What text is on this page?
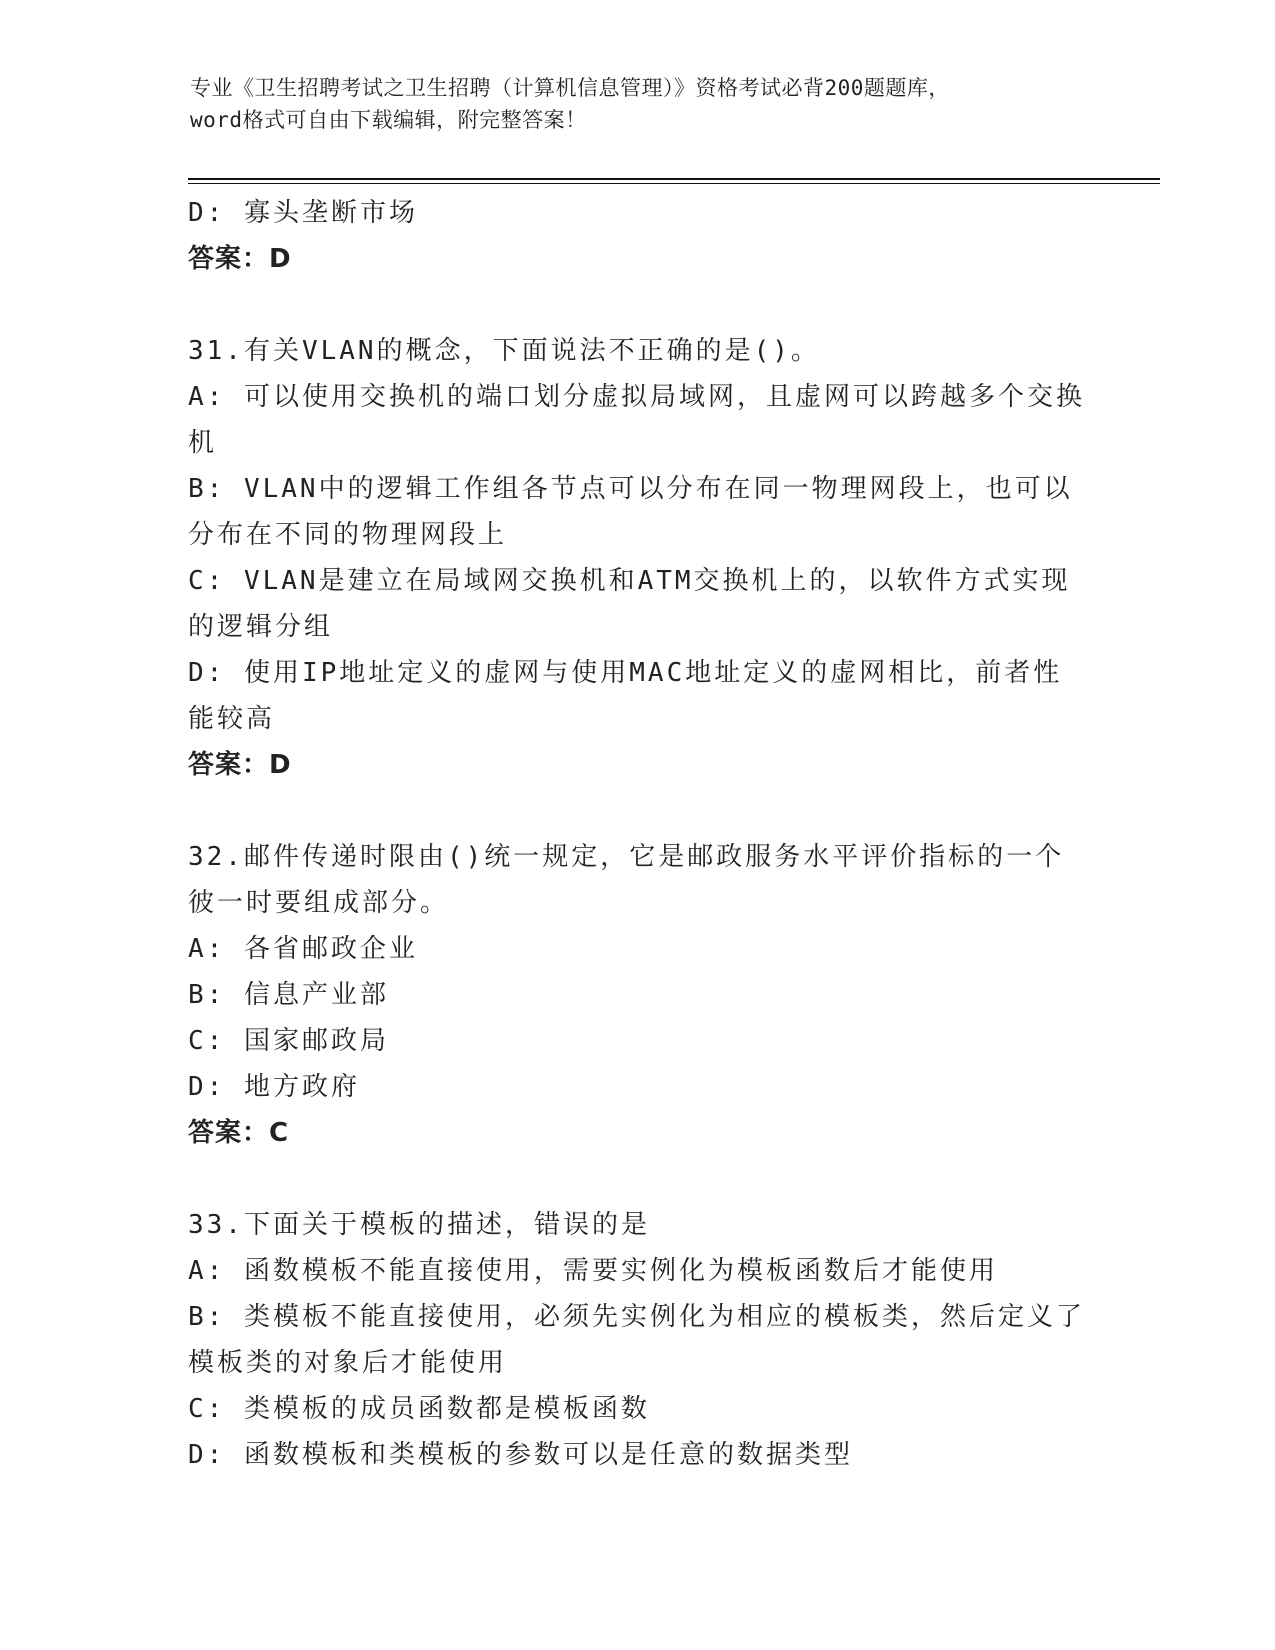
专业《卫生招聘考试之卫生招聘（计算机信息管理）》资格考试必背200题题库，
word格式可自由下载编辑，附完整答案！
D: 寡头垄断市场
答案：D
31.有关VLAN的概念，下面说法不正确的是()。
A: 可以使用交换机的端口划分虚拟局域网，且虚网可以跨越多个交换机
B: VLAN中的逻辑工作组各节点可以分布在同一物理网段上，也可以分布在不同的物理网段上
C: VLAN是建立在局域网交换机和ATM交换机上的，以软件方式实现的逻辑分组
D: 使用IP地址定义的虚网与使用MAC地址定义的虚网相比，前者性能较高
答案：D
32.邮件传递时限由()统一规定，它是邮政服务水平评价指标的一个彼一时要组成部分。
A: 各省邮政企业
B: 信息产业部
C: 国家邮政局
D: 地方政府
答案：C
33.下面关于模板的描述，错误的是
A: 函数模板不能直接使用，需要实例化为模板函数后才能使用
B: 类模板不能直接使用，必须先实例化为相应的模板类，然后定义了模板类的对象后才能使用
C: 类模板的成员函数都是模板函数
D: 函数模板和类模板的参数可以是任意的数据类型
